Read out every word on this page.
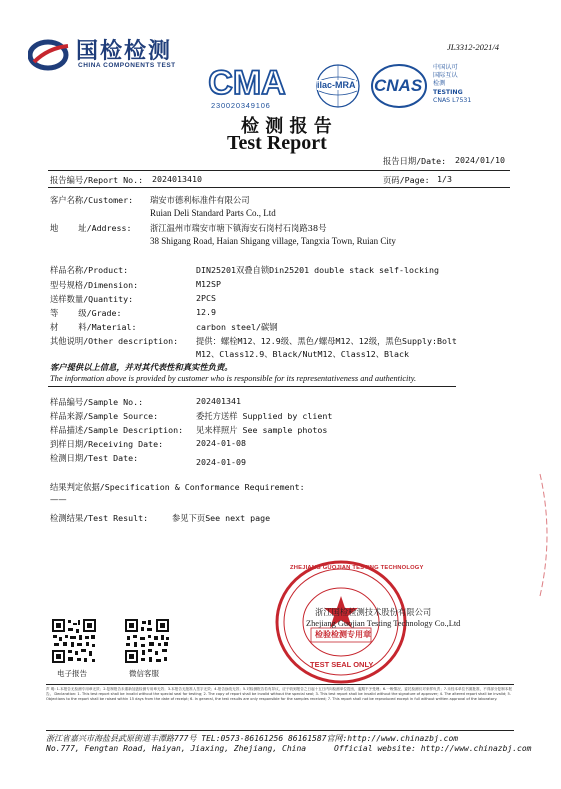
国检检测
CHINA COMPONENTS TEST
JL3312-2021/4
CMA
230020349106
ilac-MRA CNAS
中国认可
国际互认
检测
TESTING
CNAS L7531
检 测 报 告
Test Report
报告日期/Date: 2024/01/10
报告编号/Report No.: 2024013410	页码/Page: 1/3
客户名称/Customer: 瑞安市德利标准件有限公司
Ruian Deli Standard Parts Co., Ltd
地    址/Address: 浙江温州市瑞安市塘下镇海安石岗村石岗路38号
38 Shigang Road, Haian Shigang village, Tangxia Town, Ruian City
样品名称/Product:	DIN25201双叠自锁Din25201 double stack self-locking
型号规格/Dimension:	M12SP
送样数量/Quantity:	2PCS
等    级/Grade:	12.9
材    料/Material:	carbon steel/碳钢
其他说明/Other description: 提供：螺栓M12、12.9级、黑色/螺母M12、12级，黑色Supply:Bolt
M12、Class12.9、Black/NutM12、Class12、Black
客户提供以上信息，并对其代表性和真实性负责。
The information above is provided by customer who is responsible for its representativeness and authenticity.
样品编号/Sample No.:	202401341
样品来源/Sample Source:	委托方送样 Supplied by client
样品描述/Sample Description: 见来样照片 See sample photos
到样日期/Receiving Date:	2024-01-08
检测日期/Test Date:	2024-01-09
结果判定依据/Specification & Conformance Requirement:
——
检测结果/Test Result:	参见下页See next page
检验检测专用章
ZHEJIANG GUOJIAN TESTING TECHNOLOGY
TEST SEAL ONLY
浙江国检检测技术股份有限公司
Zhejiang Guojian Testing Technology Co.,Ltd
电子报告	微信客服
声 明: 1.本报告无检测专用章无效；2.复制报告未重新加盖检测专用章无效；3.本报告无批准人签字无效；4.报告涂改无效；5.对检测报告若有异议，应于收到报告之日起十五日内向检测单位提出，逾期不予受理；6.一般情况，委托检测仅对来样负责；7.未经本单位书面批准，不得部分复制本报告。 Declaration: 1. This test report shall be invalid without the special seal for testing; 2. The copy of report shall be invalid without the special seal; 3. This test report shall be invalid without the signature of approver; 4. The altered report shall be invalid; 5. Objections to the report shall be raised within 15 days from the date of receipt; 6. In general, the test results are only responsible for the samples received; 7. This report shall not be reproduced except in full without written approval of the laboratory.
浙江省嘉兴市海盐县武原街道丰潭路777号 TEL:0573-86161256 86161587官网:http://www.chinazbj.com
No.777, Fengtan Road, Haiyan, Jiaxing, Zhejiang, China	Official website: http://www.chinazbj.com
